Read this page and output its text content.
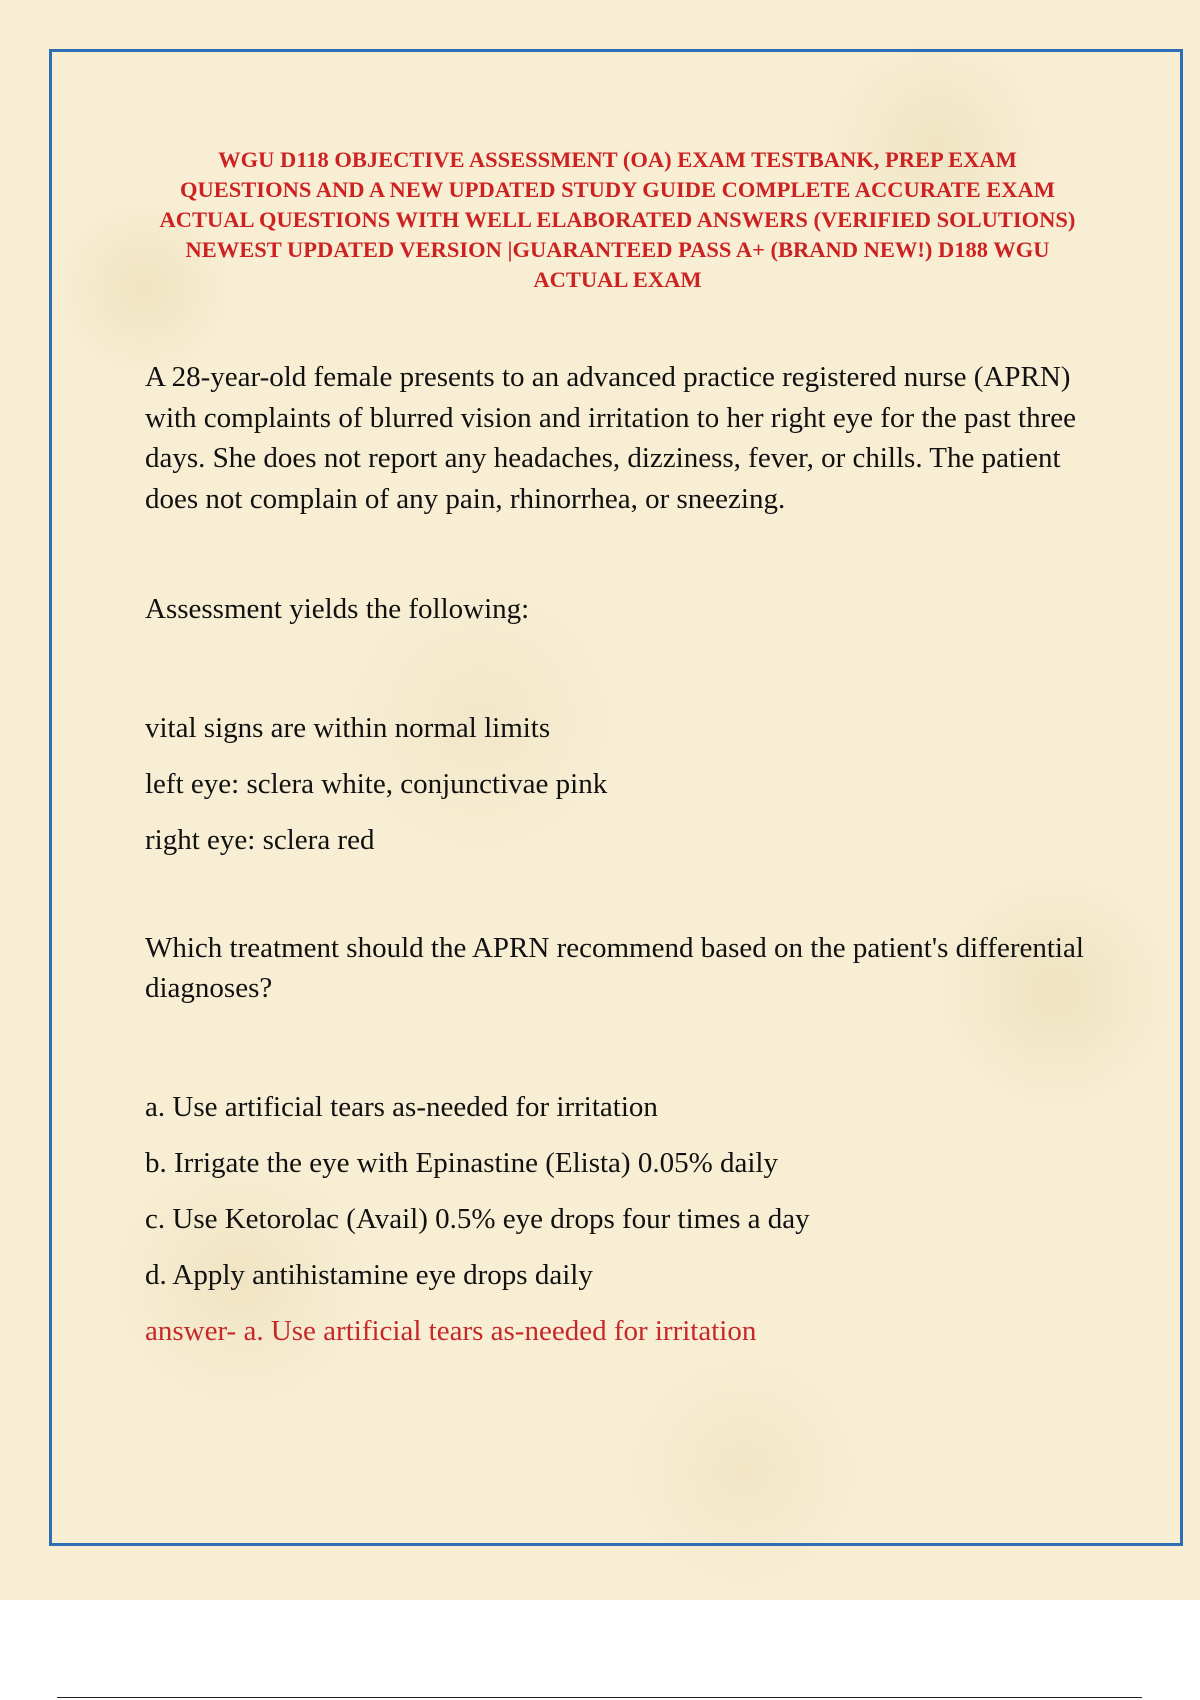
WGU D118 OBJECTIVE ASSESSMENT (OA) EXAM TESTBANK, PREP EXAM QUESTIONS AND A NEW UPDATED STUDY GUIDE COMPLETE ACCURATE EXAM ACTUAL QUESTIONS WITH WELL ELABORATED ANSWERS (VERIFIED SOLUTIONS) NEWEST UPDATED VERSION |GUARANTEED PASS A+ (BRAND NEW!) D188 WGU ACTUAL EXAM

A 28-year-old female presents to an advanced practice registered nurse (APRN) with complaints of blurred vision and irritation to her right eye for the past three days. She does not report any headaches, dizziness, fever, or chills. The patient does not complain of any pain, rhinorrhea, or sneezing.

Assessment yields the following:

vital signs are within normal limits

left eye: sclera white, conjunctivae pink

right eye: sclera red

Which treatment should the APRN recommend based on the patient's differential diagnoses?

a. Use artificial tears as-needed for irritation

b. Irrigate the eye with Epinastine (Elista) 0.05% daily

c. Use Ketorolac (Avail) 0.5% eye drops four times a day

d. Apply antihistamine eye drops daily

answer- a. Use artificial tears as-needed for irritation
